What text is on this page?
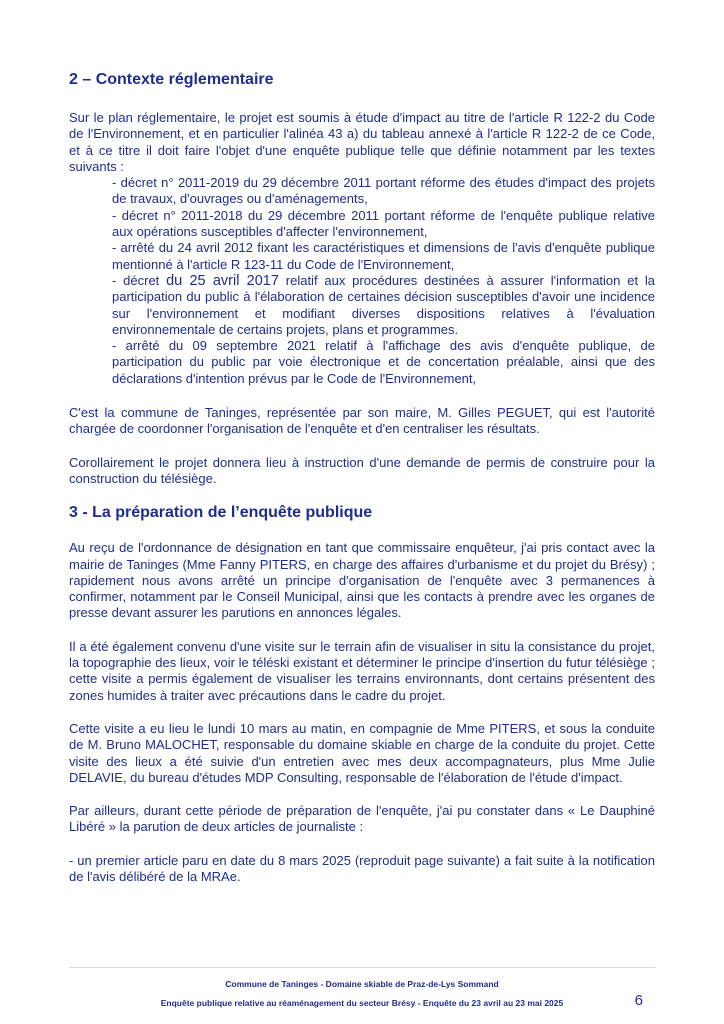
2 – Contexte réglementaire

Sur le plan réglementaire, le projet est soumis à étude d'impact au titre de l'article R 122-2 du Code de l'Environnement, et en particulier l'alinéa 43 a) du tableau annexé à l'article R 122-2 de ce Code, et à ce titre il doit faire l'objet d'une enquête publique telle que définie notamment par les textes suivants :

- décret n° 2011-2019 du 29 décembre 2011 portant réforme des études d'impact des projets de travaux, d'ouvrages ou d'aménagements,
- décret n° 2011-2018 du 29 décembre 2011 portant réforme de l'enquête publique relative aux opérations susceptibles d'affecter l'environnement,
- arrêté du 24 avril 2012 fixant les caractéristiques et dimensions de l'avis d'enquête publique mentionné à l'article R 123-11 du Code de l'Environnement,
- décret du 25 avril 2017 relatif aux procédures destinées à assurer l'information et la participation du public à l'élaboration de certaines décision susceptibles d'avoir une incidence sur l'environnement et modifiant diverses dispositions relatives à l'évaluation environnementale de certains projets, plans et programmes.
- arrêté du 09 septembre 2021 relatif à l'affichage des avis d'enquête publique, de participation du public par voie électronique et de concertation préalable, ainsi que des déclarations d'intention prévus par le Code de l'Environnement,

C'est la commune de Taninges, représentée par son maire, M. Gilles PEGUET, qui est l'autorité chargée de coordonner l'organisation de l'enquête et d'en centraliser les résultats.

Corollairement le projet donnera lieu à instruction d'une demande de permis de construire pour la construction du télésiège.

3 - La préparation de l’enquête publique

Au reçu de l'ordonnance de désignation en tant que commissaire enquêteur, j'ai pris contact avec la mairie de Taninges (Mme Fanny PITERS, en charge des affaires d'urbanisme et du projet du Brésy) ; rapidement nous avons arrêté un principe d'organisation de l'enquête avec 3 permanences à confirmer, notamment par le Conseil Municipal, ainsi que les contacts à prendre avec les organes de presse devant assurer les parutions en annonces légales.

Il a été également convenu d'une visite sur le terrain afin de visualiser in situ la consistance du projet, la topographie des lieux, voir le téléski existant et déterminer le principe d'insertion du futur télésiège ; cette visite a permis également de visualiser les terrains environnants, dont certains présentent des zones humides à traiter avec précautions dans le cadre du projet.

Cette visite a eu lieu le lundi 10 mars au matin, en compagnie de Mme PITERS, et sous la conduite de M. Bruno MALOCHET, responsable du domaine skiable en charge de la conduite du projet. Cette visite des lieux a été suivie d'un entretien avec mes deux accompagnateurs, plus Mme Julie DELAVIE, du bureau d'études MDP Consulting, responsable de l'élaboration de l'étude d'impact.

Par ailleurs, durant cette période de préparation de l'enquête, j'ai pu constater dans « Le Dauphiné Libéré » la parution de deux articles de journaliste :

- un premier article paru en date du 8 mars 2025 (reproduit page suivante) a fait suite à la notification de l'avis délibéré de la MRAe.

Commune de Taninges - Domaine skiable de Praz-de-Lys Sommand
Enquête publique relative au réaménagement du secteur Brésy - Enquête du 23 avril au 23 mai 2025	6
